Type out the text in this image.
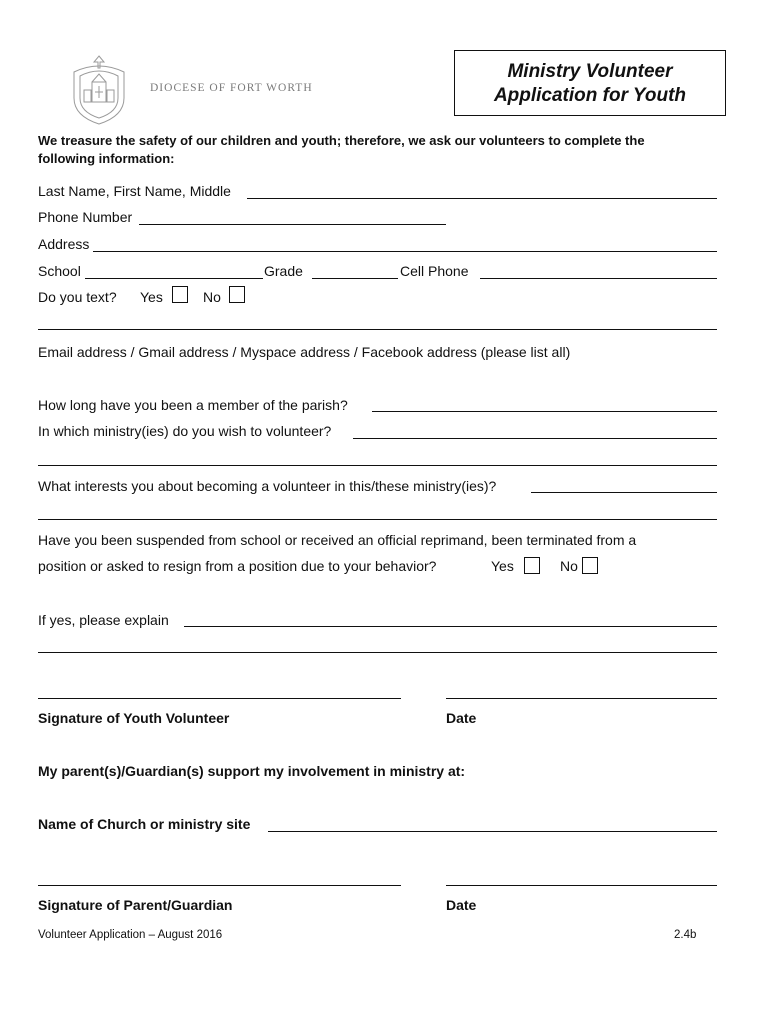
DIOCESE OF FORT WORTH
Ministry Volunteer
Application for Youth
We treasure the safety of our children and youth; therefore, we ask our volunteers to complete the
following information:
Last Name, First Name, Middle
Phone Number
Address
School	Grade	Cell Phone
Do you text? Yes	No
Email address / Gmail address / Myspace address / Facebook address (please list all)
How long have you been a member of the parish?
In which ministry(ies) do you wish to volunteer?
What interests you about becoming a volunteer in this/these ministry(ies)?
Have you been suspended from school or received an official reprimand, been terminated from a
position or asked to resign from a position due to your behavior?	Yes	No
If yes, please explain
Signature of Youth Volunteer	Date
My parent(s)/Guardian(s) support my involvement in ministry at:
Name of Church or ministry site
Signature of Parent/Guardian	Date
Volunteer Application – August 2016	2.4b
